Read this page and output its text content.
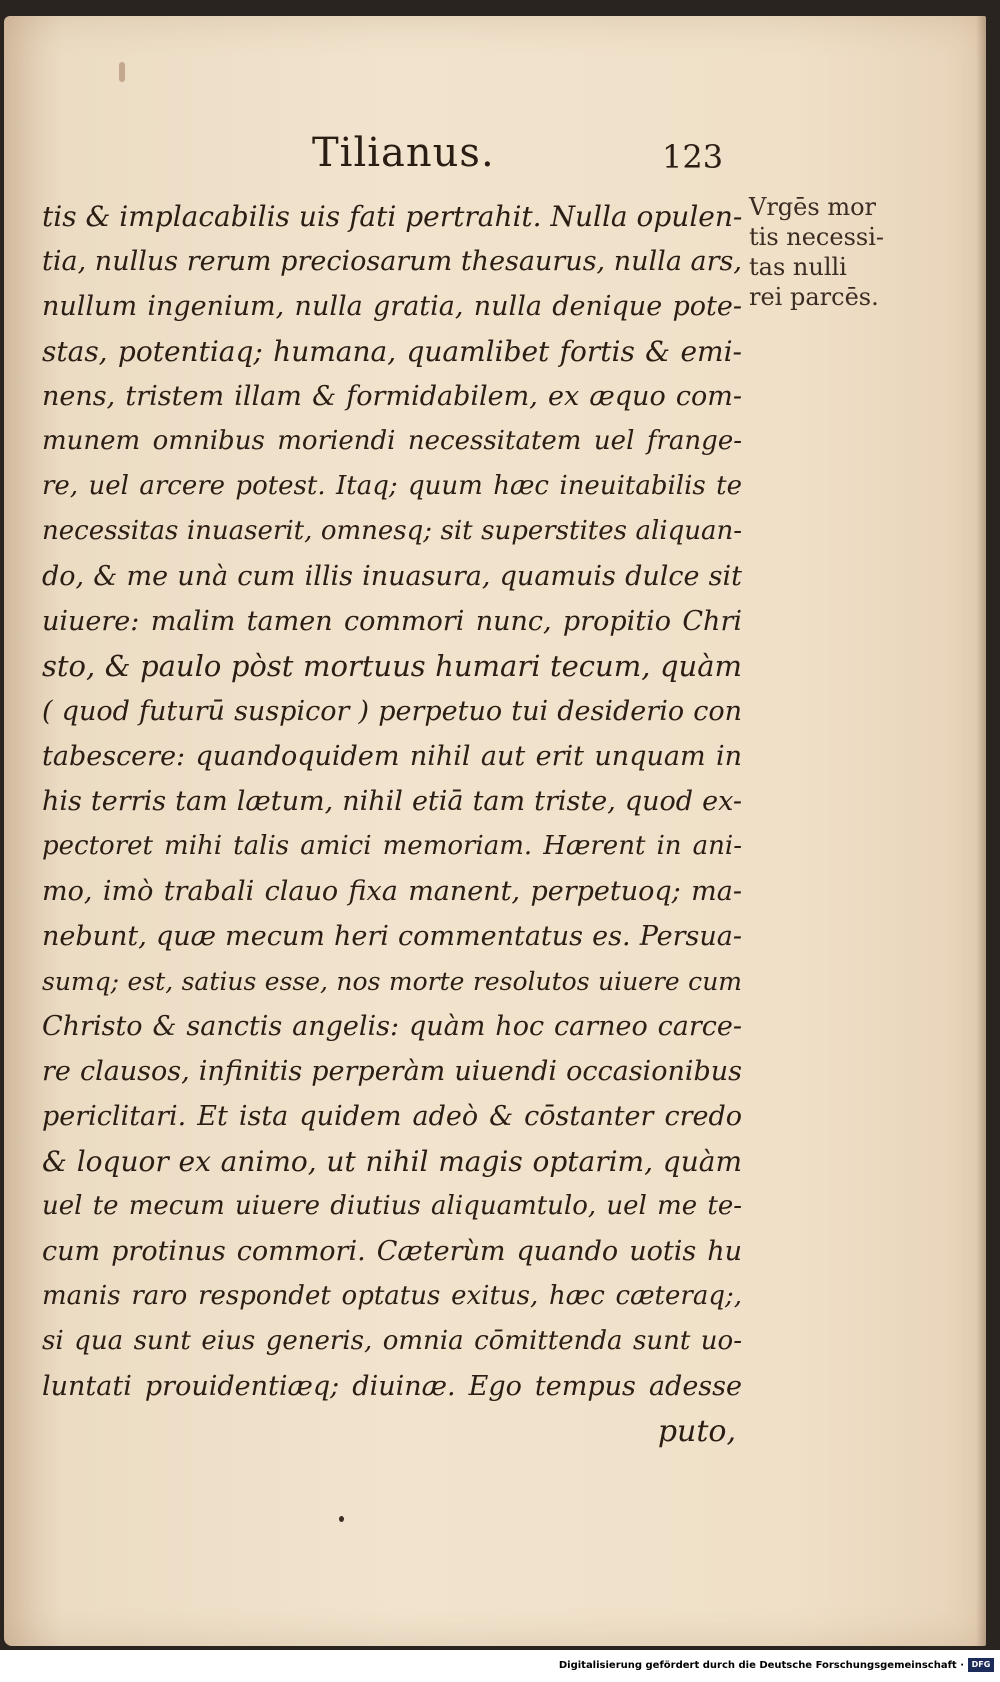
Tilianus.	123
tis & implacabilis uis fati pertrahit. Nulla opulen-
tia, nullus rerum preciosarum thesaurus, nulla ars,
nullum ingenium, nulla gratia, nulla denique pote-
stas, potentiaq; humana, quamlibet fortis & emi-
nens, tristem illam & formidabilem, ex æquo com-
munem omnibus moriendi necessitatem uel frange-
re, uel arcere potest. Itaq; quum hæc ineuitabilis te
necessitas inuaserit, omnesq; sit superstites aliquan-
do, & me unà cum illis inuasura, quamuis dulce sit
uiuere: malim tamen commori nunc, propitio Chri
sto, & paulo pòst mortuus humari tecum, quàm
( quod futurū suspicor ) perpetuo tui desiderio con
tabescere: quandoquidem nihil aut erit unquam in
his terris tam lætum, nihil etiā tam triste, quod ex-
pectoret mihi talis amici memoriam. Hærent in ani-
mo, imò trabali clauo fixa manent, perpetuoq; ma-
nebunt, quæ mecum heri commentatus es. Persua-
sumq; est, satius esse, nos morte resolutos uiuere cum
Christo & sanctis angelis: quàm hoc carneo carce-
re clausos, infinitis perperàm uiuendi occasionibus
periclitari. Et ista quidem adeò & cōstanter credo
& loquor ex animo, ut nihil magis optarim, quàm
uel te mecum uiuere diutius aliquamtulo, uel me te-
cum protinus commori. Cæterùm quando uotis hu
manis raro respondet optatus exitus, hæc cæteraq;,
si qua sunt eius generis, omnia cōmittenda sunt uo-
luntati prouidentiæq; diuinæ. Ego tempus adesse
puto,
Vrgēs mor
tis necessi-
tas nulli
rei parcēs.
Digitalisierung gefördert durch die Deutsche Forschungsgemeinschaft · DFG
